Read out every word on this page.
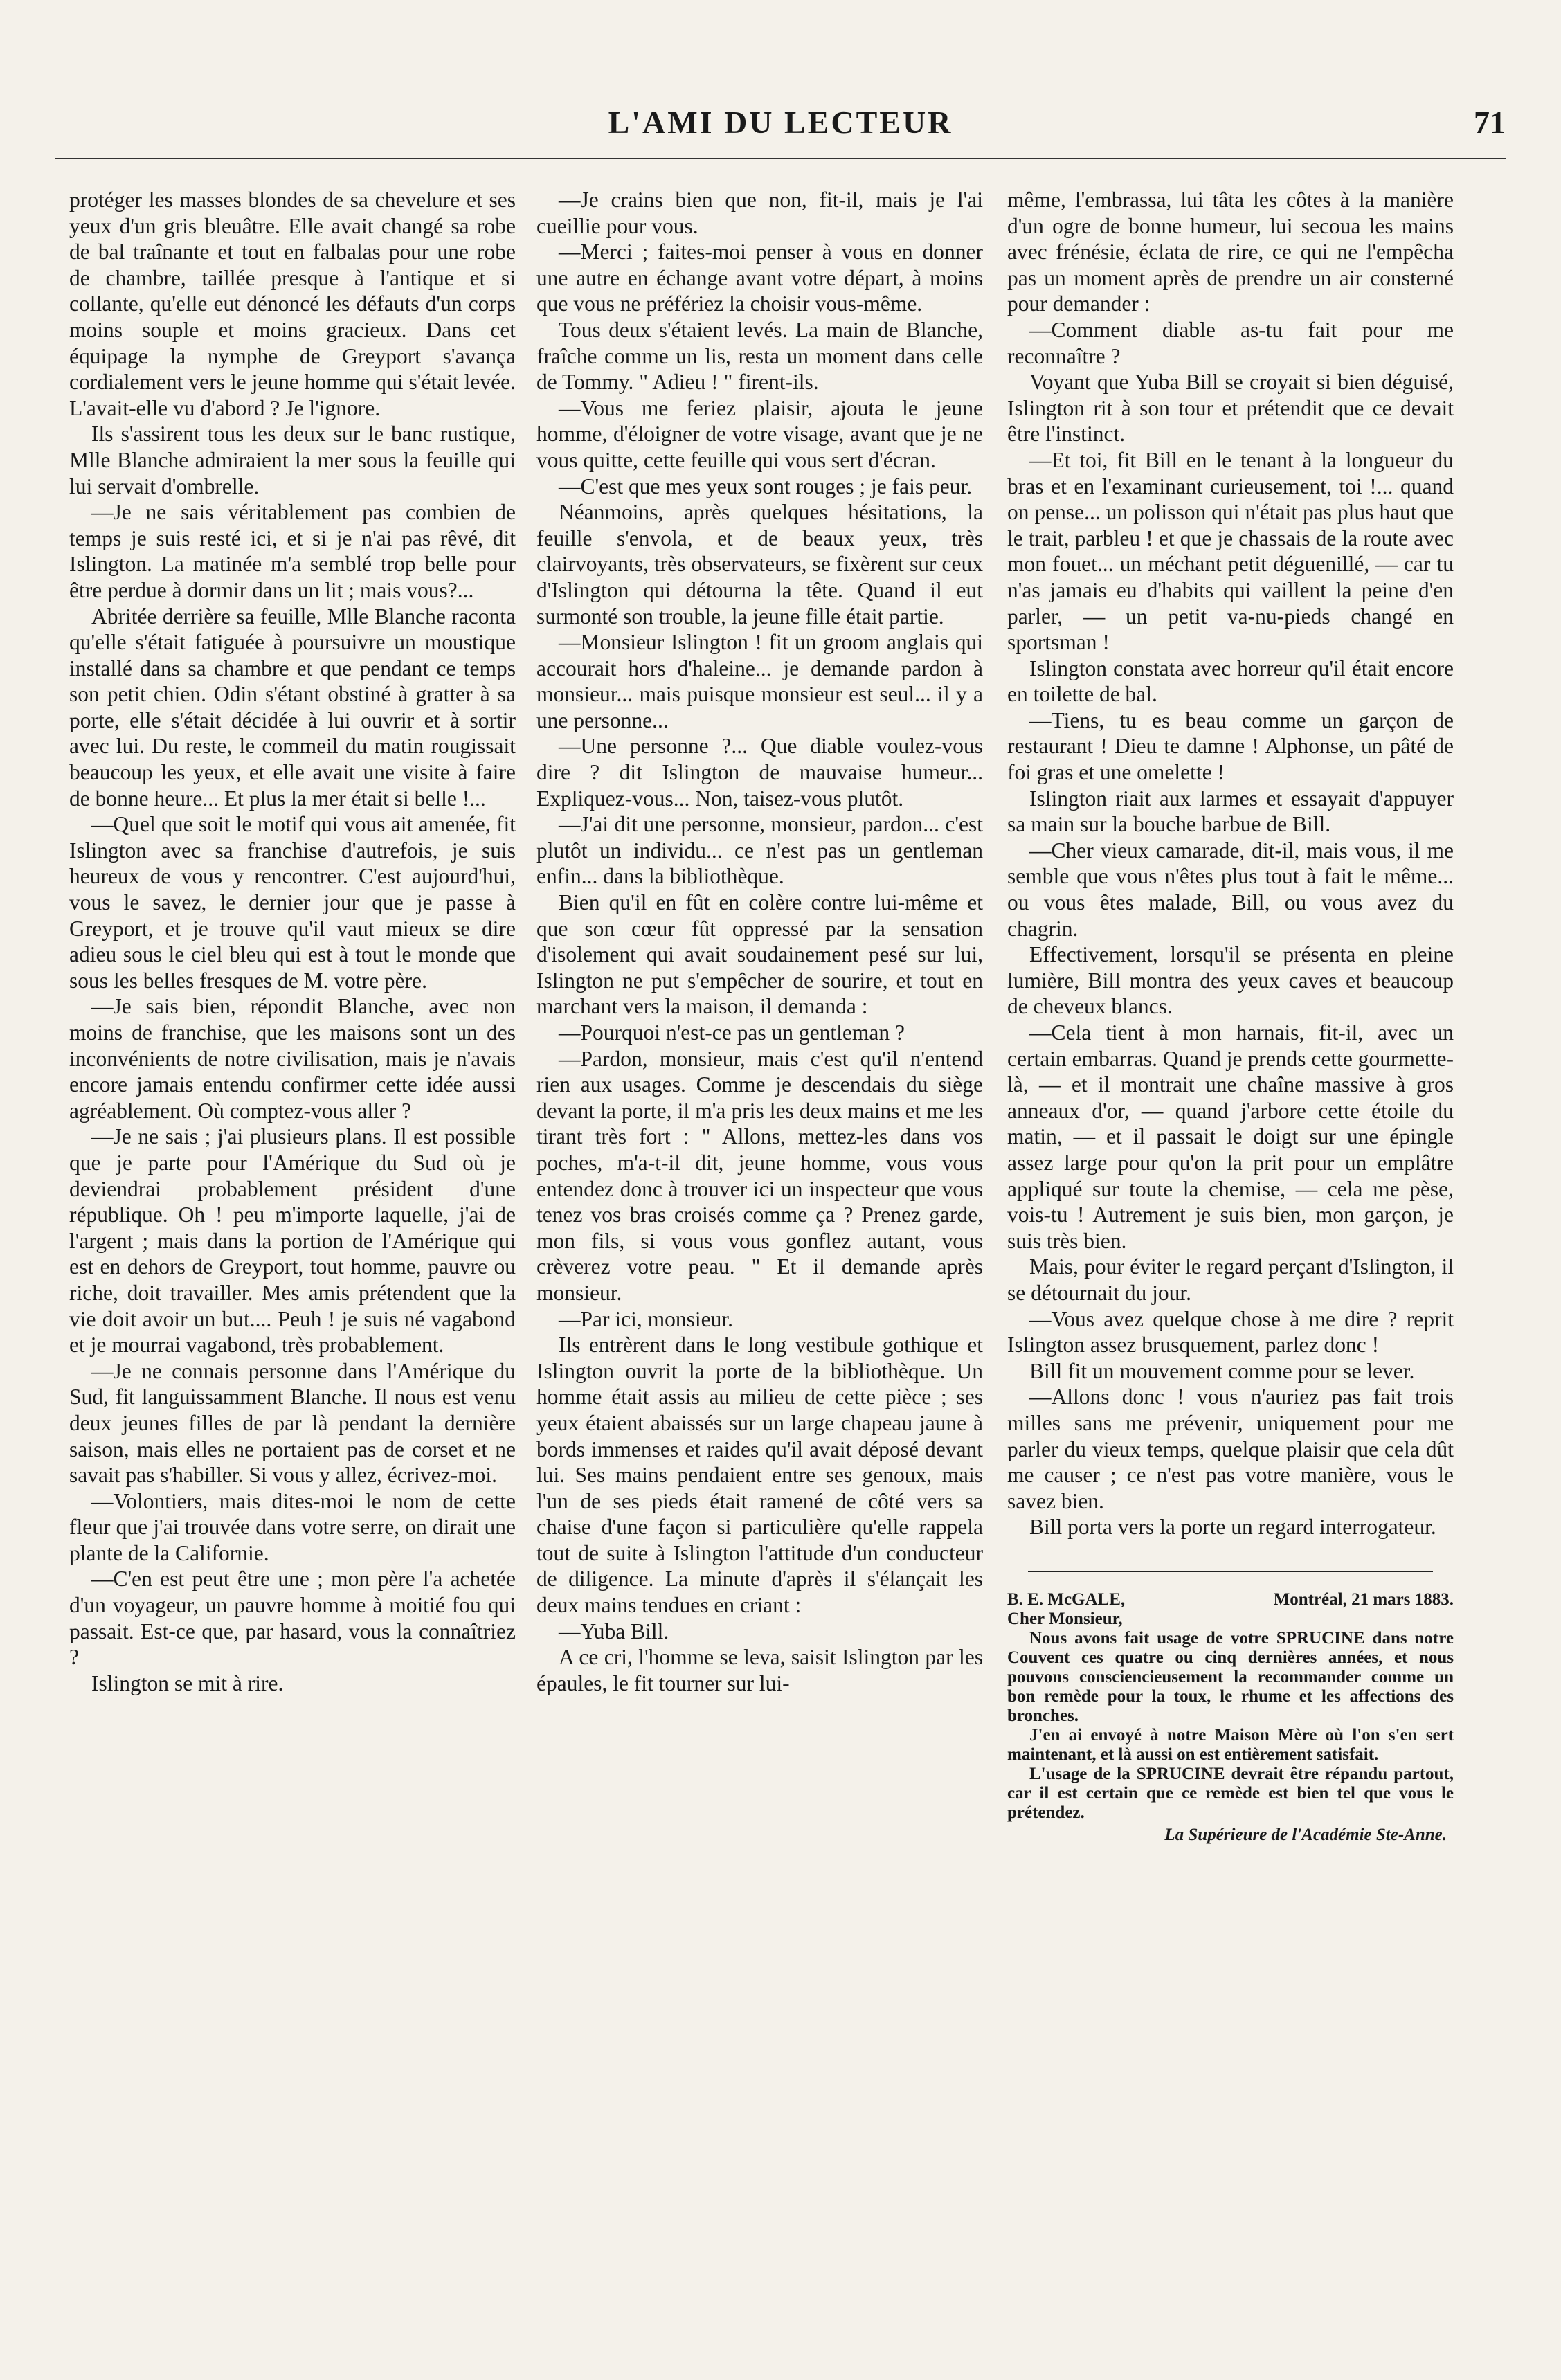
L'AMI DU LECTEUR	71

protéger les masses blondes de sa chevelure et ses yeux d'un gris bleuâtre. Elle avait changé sa robe de bal traînante et tout en falbalas pour une robe de chambre, taillée presque à l'antique et si collante, qu'elle eut dénoncé les défauts d'un corps moins souple et moins gracieux. Dans cet équipage la nymphe de Greyport s'avança cordialement vers le jeune homme qui s'était levée. L'avait-elle vu d'abord ? Je l'ignore.

Ils s'assirent tous les deux sur le banc rustique, Mlle Blanche admiraient la mer sous la feuille qui lui servait d'ombrelle.

—Je ne sais véritablement pas combien de temps je suis resté ici, et si je n'ai pas rêvé, dit Islington. La matinée m'a semblé trop belle pour être perdue à dormir dans un lit ; mais vous?...

Abritée derrière sa feuille, Mlle Blanche raconta qu'elle s'était fatiguée à poursuivre un moustique installé dans sa chambre et que pendant ce temps son petit chien. Odin s'étant obstiné à gratter à sa porte, elle s'était décidée à lui ouvrir et à sortir avec lui. Du reste, le commeil du matin rougissait beaucoup les yeux, et elle avait une visite à faire de bonne heure... Et plus la mer était si belle !...

—Quel que soit le motif qui vous ait amenée, fit Islington avec sa franchise d'autrefois, je suis heureux de vous y rencontrer. C'est aujourd'hui, vous le savez, le dernier jour que je passe à Greyport, et je trouve qu'il vaut mieux se dire adieu sous le ciel bleu qui est à tout le monde que sous les belles fresques de M. votre père.

—Je sais bien, répondit Blanche, avec non moins de franchise, que les maisons sont un des inconvénients de notre civilisation, mais je n'avais encore jamais entendu confirmer cette idée aussi agréablement. Où comptez-vous aller ?

—Je ne sais ; j'ai plusieurs plans. Il est possible que je parte pour l'Amérique du Sud où je deviendrai probablement président d'une république. Oh ! peu m'importe laquelle, j'ai de l'argent ; mais dans la portion de l'Amérique qui est en dehors de Greyport, tout homme, pauvre ou riche, doit travailler. Mes amis prétendent que la vie doit avoir un but.... Peuh ! je suis né vagabond et je mourrai vagabond, très probablement.

—Je ne connais personne dans l'Amérique du Sud, fit languissamment Blanche. Il nous est venu deux jeunes filles de par là pendant la dernière saison, mais elles ne portaient pas de corset et ne savait pas s'habiller. Si vous y allez, écrivez-moi.

—Volontiers, mais dites-moi le nom de cette fleur que j'ai trouvée dans votre serre, on dirait une plante de la Californie.

—C'en est peut être une ; mon père l'a achetée d'un voyageur, un pauvre homme à moitié fou qui passait. Est-ce que, par hasard, vous la connaîtriez ?

Islington se mit à rire.

—Je crains bien que non, fit-il, mais je l'ai cueillie pour vous.

—Merci ; faites-moi penser à vous en donner une autre en échange avant votre départ, à moins que vous ne préfériez la choisir vous-même.

Tous deux s'étaient levés. La main de Blanche, fraîche comme un lis, resta un moment dans celle de Tommy. " Adieu ! " firent-ils.

—Vous me feriez plaisir, ajouta le jeune homme, d'éloigner de votre visage, avant que je ne vous quitte, cette feuille qui vous sert d'écran.

—C'est que mes yeux sont rouges ; je fais peur.

Néanmoins, après quelques hésitations, la feuille s'envola, et de beaux yeux, très clairvoyants, très observateurs, se fixèrent sur ceux d'Islington qui détourna la tête. Quand il eut surmonté son trouble, la jeune fille était partie.

—Monsieur Islington ! fit un groom anglais qui accourait hors d'haleine... je demande pardon à monsieur... mais puisque monsieur est seul... il y a une personne...

—Une personne ?... Que diable voulez-vous dire ? dit Islington de mauvaise humeur... Expliquez-vous... Non, taisez-vous plutôt.

—J'ai dit une personne, monsieur, pardon... c'est plutôt un individu... ce n'est pas un gentleman enfin... dans la bibliothèque.

Bien qu'il en fût en colère contre lui-même et que son cœur fût oppressé par la sensation d'isolement qui avait soudainement pesé sur lui, Islington ne put s'empêcher de sourire, et tout en marchant vers la maison, il demanda :

—Pourquoi n'est-ce pas un gentleman ?

—Pardon, monsieur, mais c'est qu'il n'entend rien aux usages. Comme je descendais du siège devant la porte, il m'a pris les deux mains et me les tirant très fort : " Allons, mettez-les dans vos poches, m'a-t-il dit, jeune homme, vous vous entendez donc à trouver ici un inspecteur que vous tenez vos bras croisés comme ça ? Prenez garde, mon fils, si vous vous gonflez autant, vous crèverez votre peau. " Et il demande après monsieur.

—Par ici, monsieur.

Ils entrèrent dans le long vestibule gothique et Islington ouvrit la porte de la bibliothèque. Un homme était assis au milieu de cette pièce ; ses yeux étaient abaissés sur un large chapeau jaune à bords immenses et raides qu'il avait déposé devant lui. Ses mains pendaient entre ses genoux, mais l'un de ses pieds était ramené de côté vers sa chaise d'une façon si particulière qu'elle rappela tout de suite à Islington l'attitude d'un conducteur de diligence. La minute d'après il s'élançait les deux mains tendues en criant :

—Yuba Bill.

A ce cri, l'homme se leva, saisit Islington par les épaules, le fit tourner sur lui-

même, l'embrassa, lui tâta les côtes à la manière d'un ogre de bonne humeur, lui secoua les mains avec frénésie, éclata de rire, ce qui ne l'empêcha pas un moment après de prendre un air consterné pour demander :

—Comment diable as-tu fait pour me reconnaître ?

Voyant que Yuba Bill se croyait si bien déguisé, Islington rit à son tour et prétendit que ce devait être l'instinct.

—Et toi, fit Bill en le tenant à la longueur du bras et en l'examinant curieusement, toi !... quand on pense... un polisson qui n'était pas plus haut que le trait, parbleu ! et que je chassais de la route avec mon fouet... un méchant petit déguenillé, — car tu n'as jamais eu d'habits qui vaillent la peine d'en parler, — un petit va-nu-pieds changé en sportsman !

Islington constata avec horreur qu'il était encore en toilette de bal.

—Tiens, tu es beau comme un garçon de restaurant ! Dieu te damne ! Alphonse, un pâté de foi gras et une omelette !

Islington riait aux larmes et essayait d'appuyer sa main sur la bouche barbue de Bill.

—Cher vieux camarade, dit-il, mais vous, il me semble que vous n'êtes plus tout à fait le même... ou vous êtes malade, Bill, ou vous avez du chagrin.

Effectivement, lorsqu'il se présenta en pleine lumière, Bill montra des yeux caves et beaucoup de cheveux blancs.

—Cela tient à mon harnais, fit-il, avec un certain embarras. Quand je prends cette gourmette-là, — et il montrait une chaîne massive à gros anneaux d'or, — quand j'arbore cette étoile du matin, — et il passait le doigt sur une épingle assez large pour qu'on la prit pour un emplâtre appliqué sur toute la chemise, — cela me pèse, vois-tu ! Autrement je suis bien, mon garçon, je suis très bien.

Mais, pour éviter le regard perçant d'Islington, il se détournait du jour.

—Vous avez quelque chose à me dire ? reprit Islington assez brusquement, parlez donc !

Bill fit un mouvement comme pour se lever.

—Allons donc ! vous n'auriez pas fait trois milles sans me prévenir, uniquement pour me parler du vieux temps, quelque plaisir que cela dût me causer ; ce n'est pas votre manière, vous le savez bien.

Bill porta vers la porte un regard interrogateur.

B. E. McGALE,	Montréal, 21 mars 1883.

Cher Monsieur,

Nous avons fait usage de votre SPRUCINE dans notre Couvent ces quatre ou cinq dernières années, et nous pouvons consciencieusement la recommander comme un bon remède pour la toux, le rhume et les affections des bronches.

J'en ai envoyé à notre Maison Mère où l'on s'en sert maintenant, et là aussi on est entièrement satisfait.

L'usage de la SPRUCINE devrait être répandu partout, car il est certain que ce remède est bien tel que vous le prétendez.

La Supérieure de l'Académie Ste-Anne.
